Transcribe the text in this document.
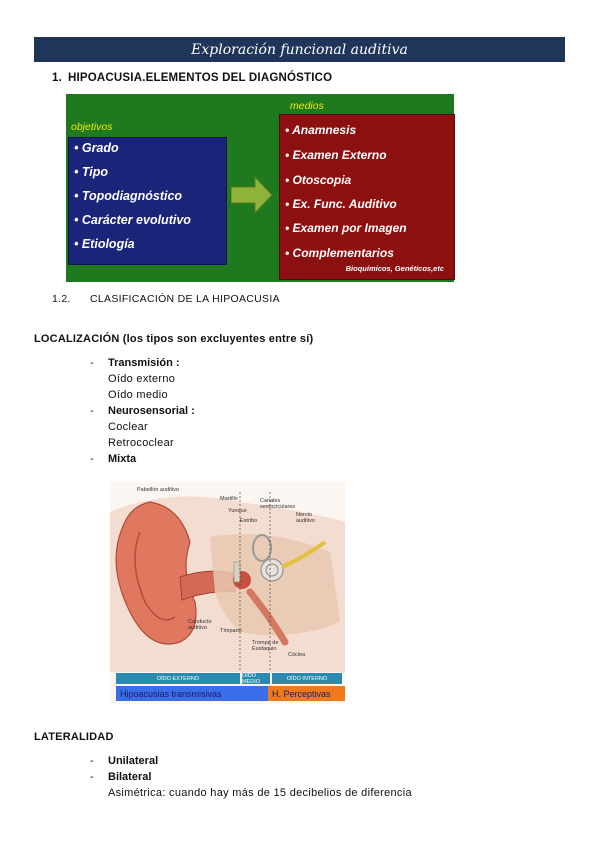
Exploración funcional auditiva
1. HIPOACUSIA.ELEMENTOS DEL DIAGNÓSTICO
objetivos
medios
• Grado
• Tipo
• Topodiagnóstico
• Carácter evolutivo
• Etiología
• Anamnesis
• Examen Externo
• Otoscopia
• Ex. Func. Auditivo
• Examen por Imagen
• Complementarios
Bioquímicos, Genéticos,etc
1.2. CLASIFICACIÓN DE LA HIPOACUSIA
LOCALIZACIÓN (los tipos son excluyentes entre sí)
- Transmisión :
Oído externo
Oído medio
- Neurosensorial :
Coclear
Retrococlear
- Mixta
Pabellón auditivo
Martillo
Yunque
Estribo
Canales semicirculares
Nervio auditivo
Conducto auditivo	Tímpano
Trompa de Eustaquio
Cóclea
OÍDO EXTERNO	OÍDO MEDIO	OÍDO INTERNO
Hipoacusias transmisivas	H. Perceptivas
LATERALIDAD
- Unilateral
- Bilateral
Asimétrica: cuando hay más de 15 decibelios de diferencia
